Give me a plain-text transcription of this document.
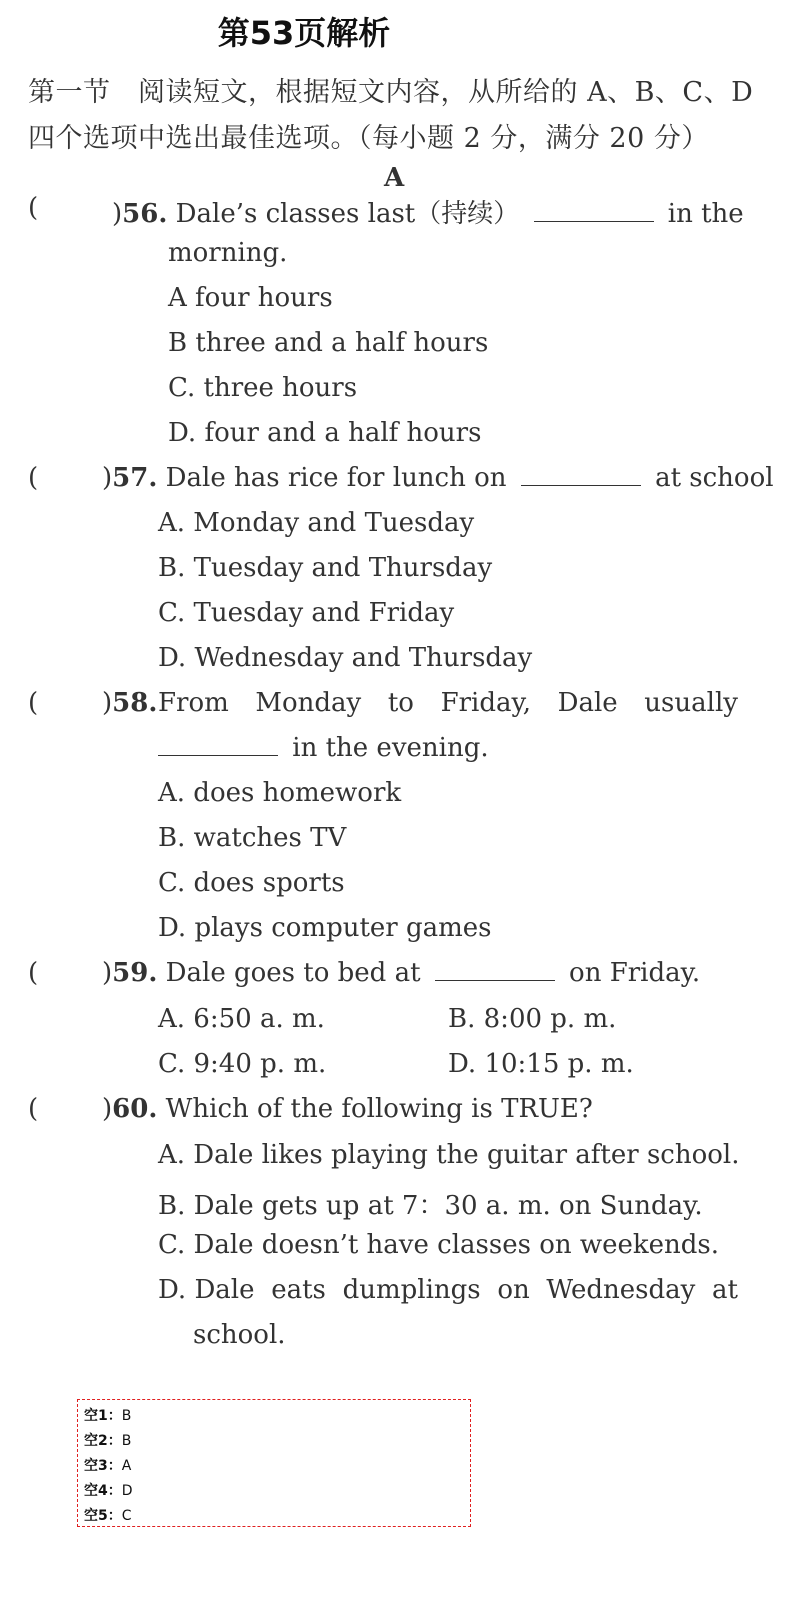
第53页解析
第一节　阅读短文，根据短文内容，从所给的 A、B、C、D 四个选项中选出最佳选项。（每小题 2 分，满分 20 分）
A
(	)56. Dale’s classes last（持续）	in the
morning.
A four hours
B three and a half hours
C. three hours
D. four and a half hours
( )57. Dale has rice for lunch on	at school
A. Monday and Tuesday
B. Tuesday and Thursday
C. Tuesday and Friday
D. Wednesday and Thursday
( )58. From Monday to Friday, Dale usually
in the evening.
A. does homework
B. watches TV
C. does sports
D. plays computer games
( )59. Dale goes to bed at	on Friday.
A. 6:50 a. m.	B. 8:00 p. m.
C. 9:40 p. m.	D. 10:15 p. m.
( )60. Which of the following is TRUE?
A. Dale likes playing the guitar after school.
B. Dale gets up at 7：30 a. m. on Sunday.
C. Dale doesn’t have classes on weekends.
D. Dale eats dumplings on Wednesday at
school.
空1：B
空2：B
空3：A
空4：D
空5：C
